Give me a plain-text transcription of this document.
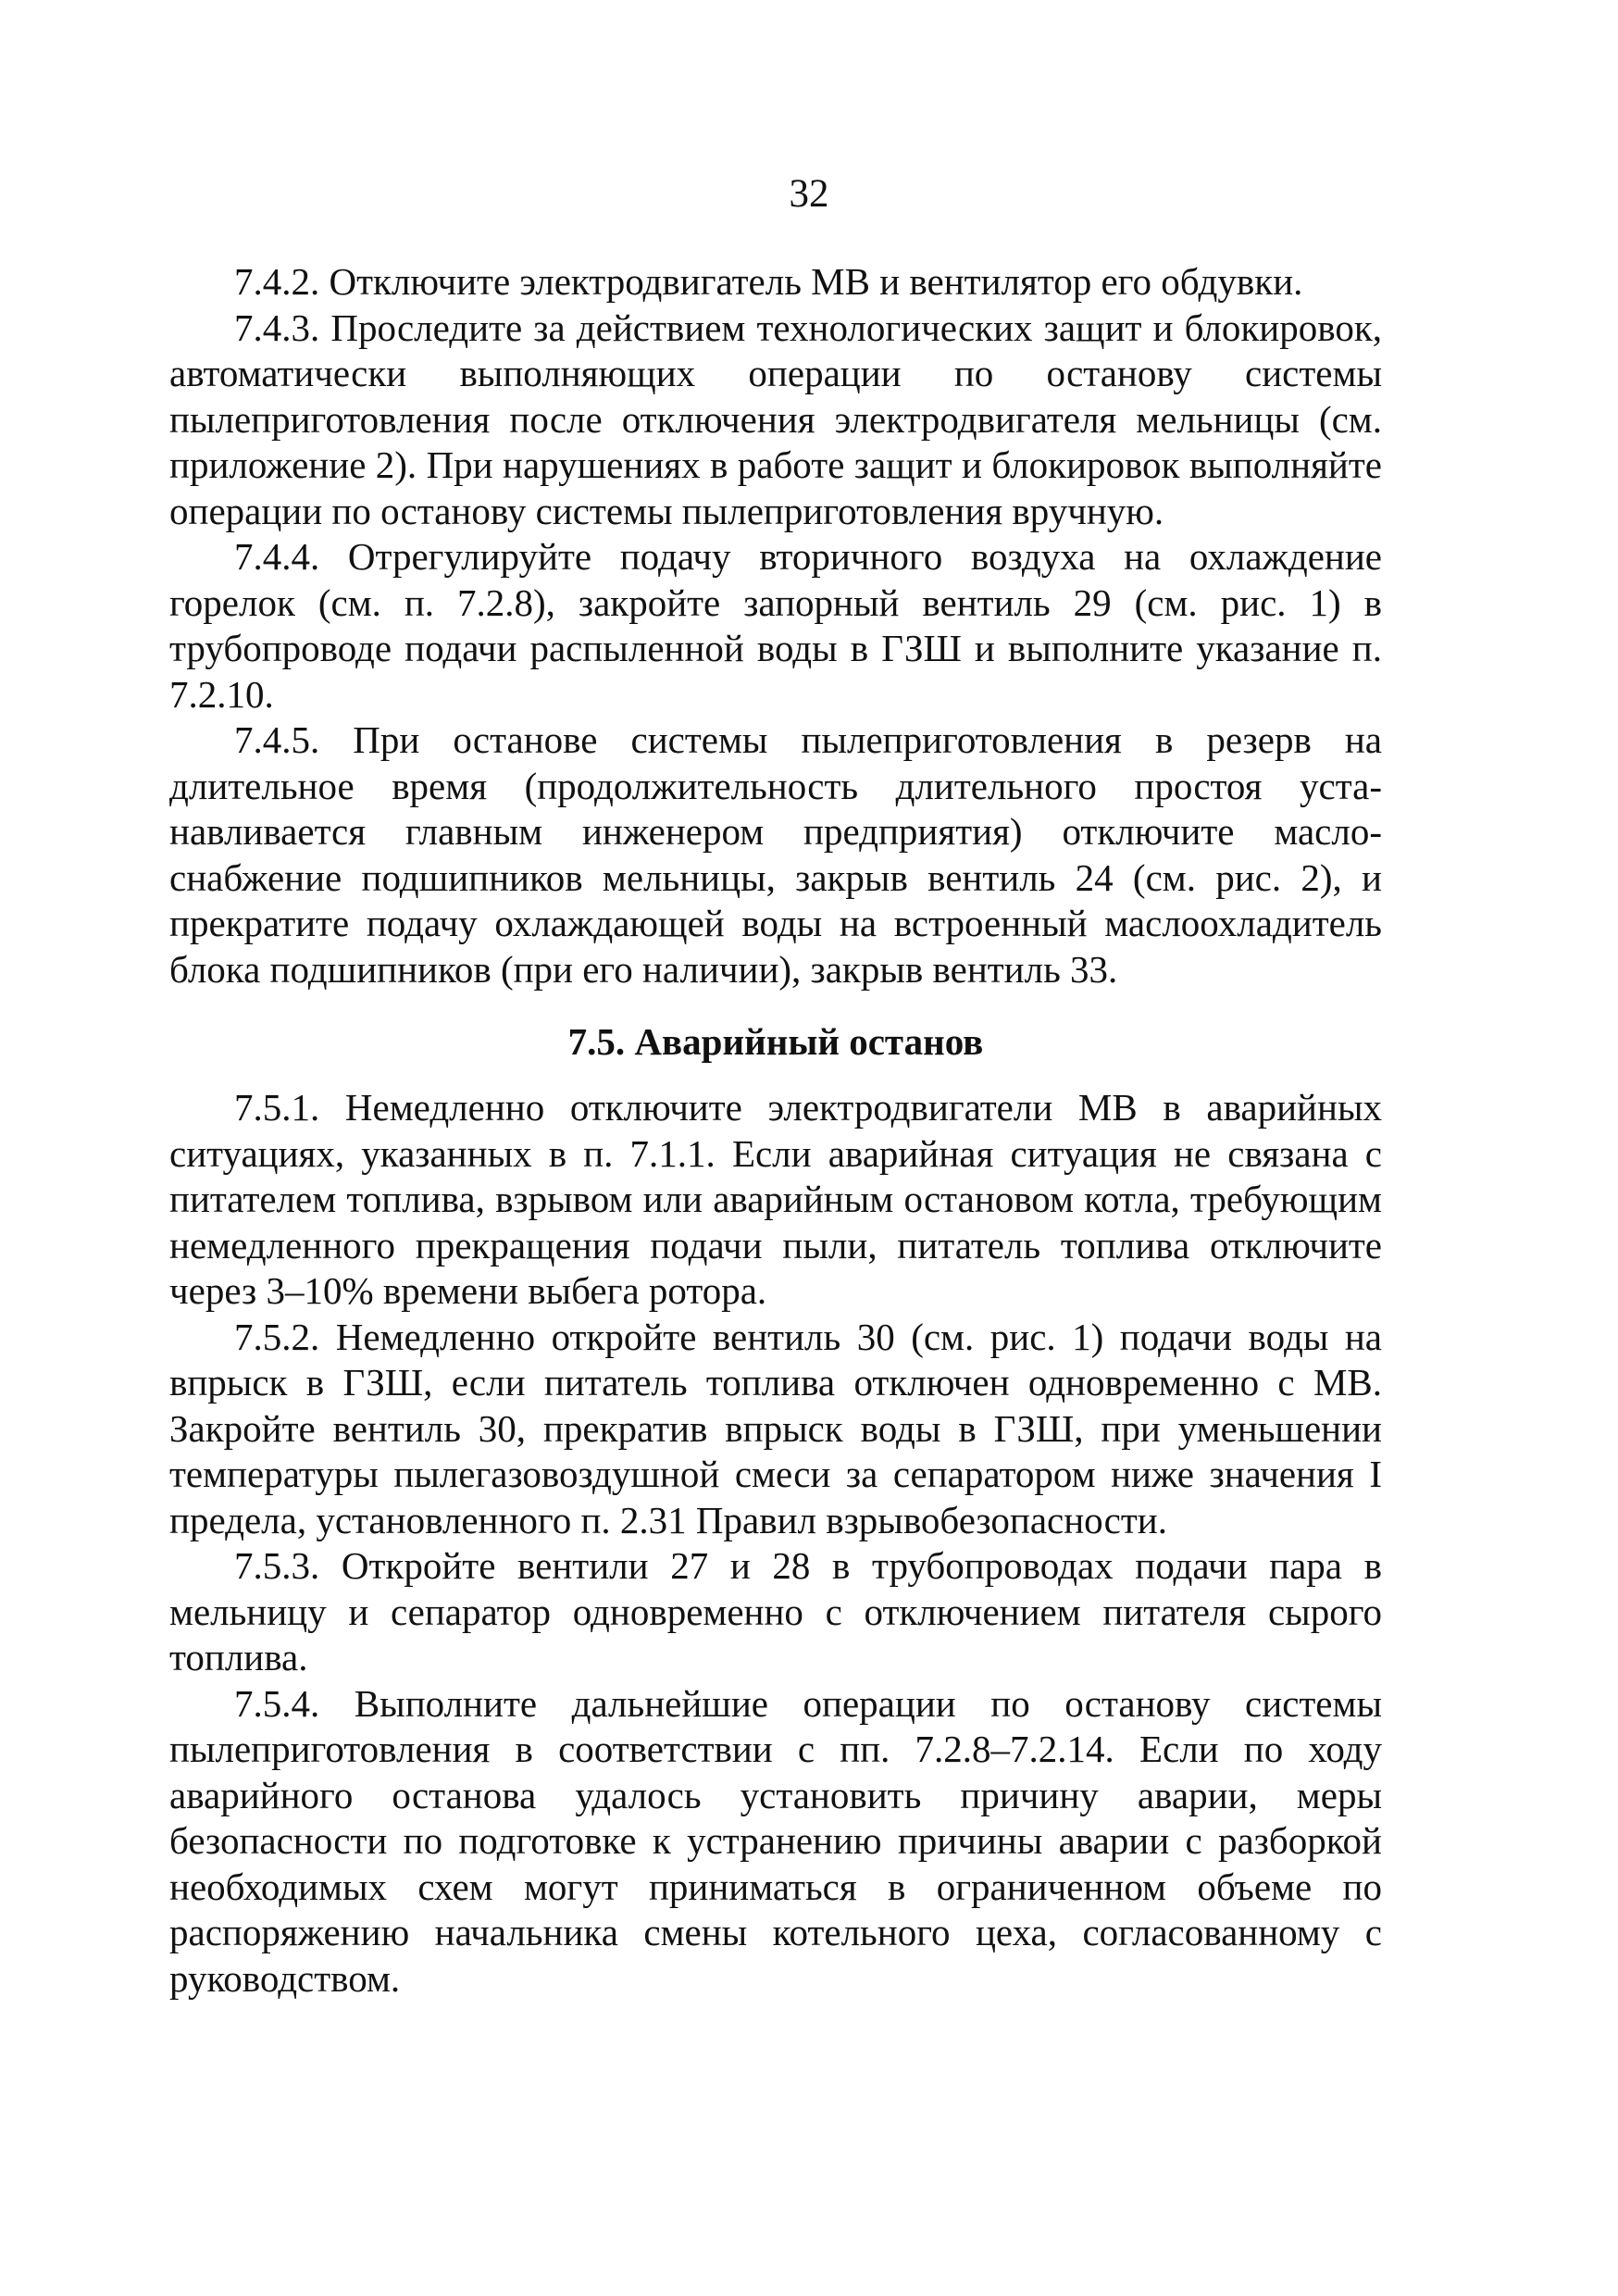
32

7.4.2. Отключите электродвигатель МВ и вентилятор его обдувки.

7.4.3. Проследите за действием технологических защит и блокировок, автоматически выполняющих операции по останову системы пылеприготовления после отключения электродвигателя мельницы (см. приложение 2). При нарушениях в работе защит и блокировок выполняйте операции по останову системы пылеприготовления вручную.

7.4.4. Отрегулируйте подачу вторичного воздуха на охлаждение горелок (см. п. 7.2.8), закройте запорный вентиль 29 (см. рис. 1) в трубопроводе подачи распыленной воды в ГЗШ и выполните указание п. 7.2.10.

7.4.5. При останове системы пылеприготовления в резерв на длительное время (продолжительность длительного простоя устанавливается главным инженером предприятия) отключите маслоснабжение подшипников мельницы, закрыв вентиль 24 (см. рис. 2), и прекратите подачу охлаждающей воды на встроенный маслоохладитель блока подшипников (при его наличии), закрыв вентиль 33.

7.5. Аварийный останов

7.5.1. Немедленно отключите электродвигатели МВ в аварийных ситуациях, указанных в п. 7.1.1. Если аварийная ситуация не связана с питателем топлива, взрывом или аварийным остановом котла, требующим немедленного прекращения подачи пыли, питатель топлива отключите через 3–10% времени выбега ротора.

7.5.2. Немедленно откройте вентиль 30 (см. рис. 1) подачи воды на впрыск в ГЗШ, если питатель топлива отключен одновременно с МВ. Закройте вентиль 30, прекратив впрыск воды в ГЗШ, при уменьшении температуры пылегазовоздушной смеси за сепаратором ниже значения I предела, установленного п. 2.31 Правил взрывобезопасности.

7.5.3. Откройте вентили 27 и 28 в трубопроводах подачи пара в мельницу и сепаратор одновременно с отключением питателя сырого топлива.

7.5.4. Выполните дальнейшие операции по останову системы пылеприготовления в соответствии с пп. 7.2.8–7.2.14. Если по ходу аварийного останова удалось установить причину аварии, меры безопасности по подготовке к устранению причины аварии с разборкой необходимых схем могут приниматься в ограниченном объеме по распоряжению начальника смены котельного цеха, согласованному с руководством.
